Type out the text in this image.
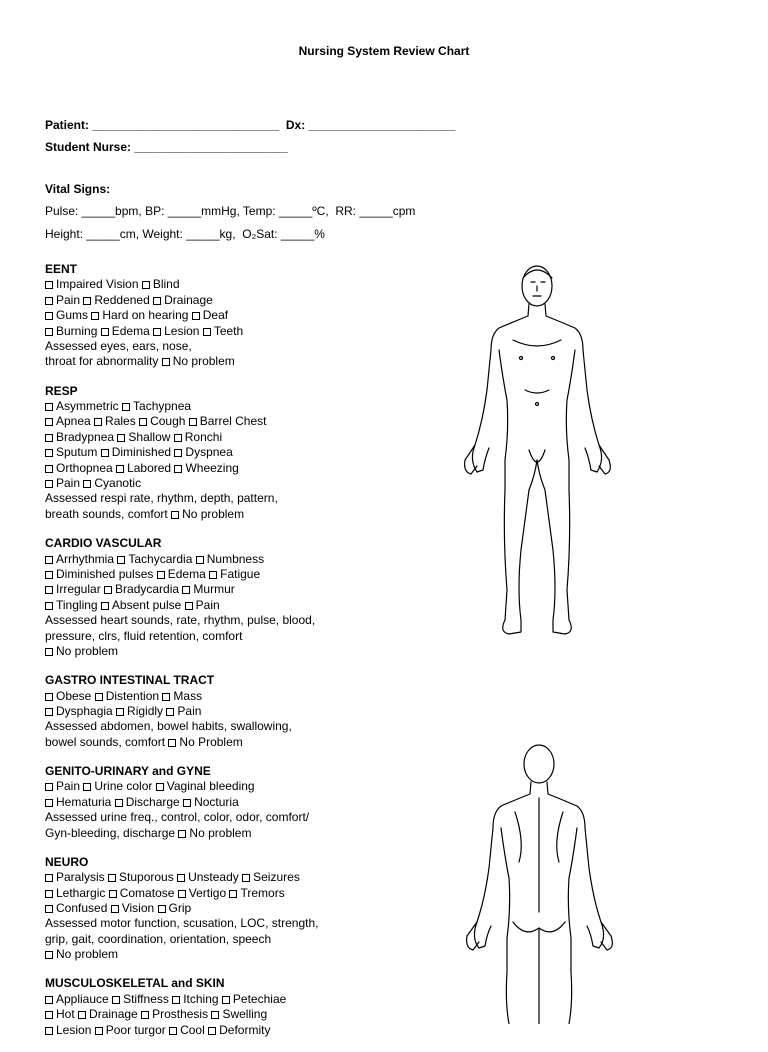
Nursing System Review Chart
Patient: ____________________________  Dx: ______________________
Student Nurse: _______________________
Vital Signs:
Pulse: _____bpm, BP: _____mmHg, Temp: _____ºC,  RR: _____cpm
Height: _____cm, Weight: _____kg,  O₂Sat: _____%
EENT
Impaired Vision Blind
Pain Reddened Drainage
Gums Hard on hearing Deaf
Burning Edema Lesion Teeth
Assessed eyes, ears, nose,
throat for abnormality No problem
RESP
Asymmetric Tachypnea
Apnea Rales Cough Barrel Chest
Bradypnea Shallow Ronchi
Sputum Diminished Dyspnea
Orthopnea Labored Wheezing
Pain Cyanotic
Assessed respi rate, rhythm, depth, pattern,
breath sounds, comfort No problem
CARDIO VASCULAR
Arrhythmia Tachycardia Numbness
Diminished pulses Edema Fatigue
Irregular Bradycardia Murmur
Tingling Absent pulse Pain
Assessed heart sounds, rate, rhythm, pulse, blood,
pressure, clrs, fluid retention, comfort
No problem
GASTRO INTESTINAL TRACT
Obese Distention Mass
Dysphagia Rigidly Pain
Assessed abdomen, bowel habits, swallowing,
bowel sounds, comfort No Problem
GENITO-URINARY and GYNE
Pain Urine color Vaginal bleeding
Hematuria Discharge Nocturia
Assessed urine freq., control, color, odor, comfort/
Gyn-bleeding, discharge No problem
NEURO
Paralysis Stuporous Unsteady Seizures
Lethargic Comatose Vertigo Tremors
Confused Vision Grip
Assessed motor function, scusation, LOC, strength,
grip, gait, coordination, orientation, speech
No problem
MUSCULOSKELETAL and SKIN
Appliauce Stiffness Itching Petechiae
Hot Drainage Prosthesis Swelling
Lesion Poor turgor Cool Deformity
